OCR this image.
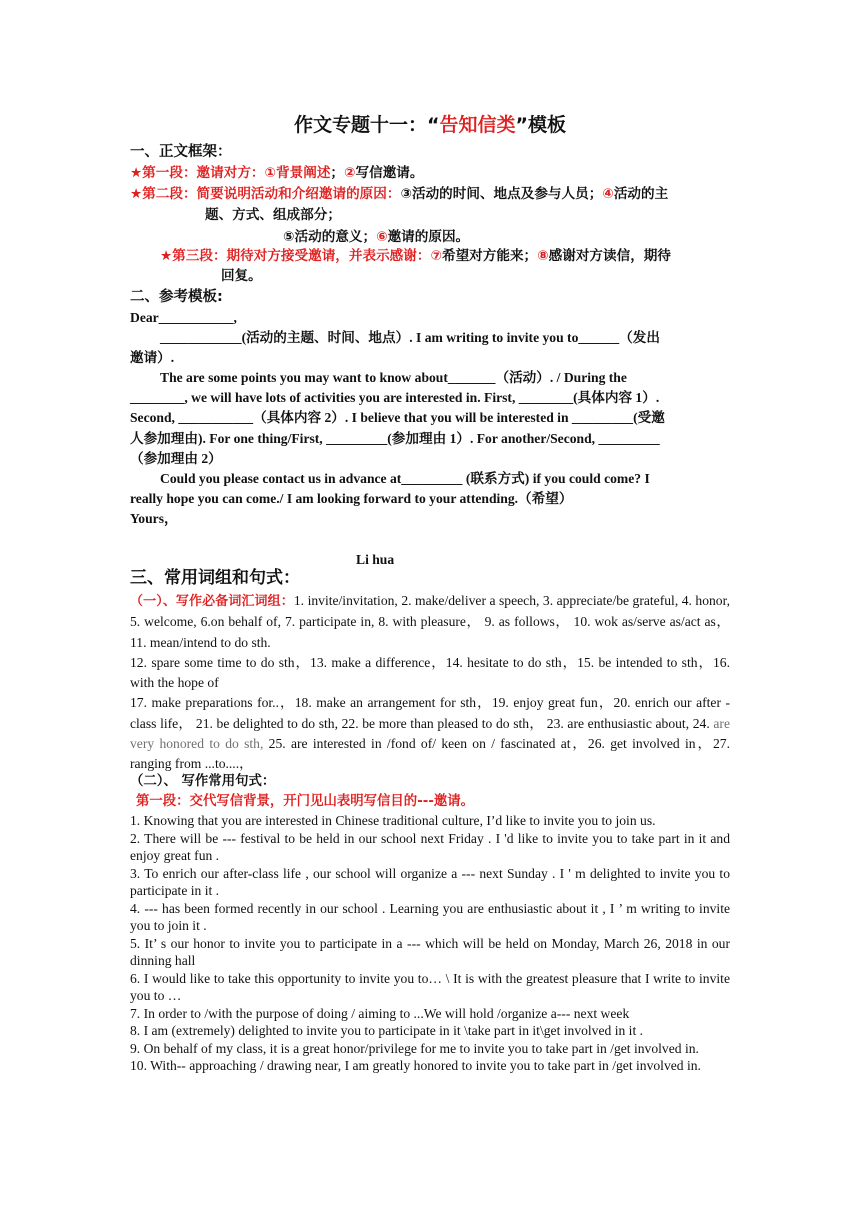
作文专题十一：“告知信类”模板
一、正文框架：
★第一段：邀请对方：①背景阐述；②写信邀请。
★第二段：简要说明活动和介绍邀请的原因：③活动的时间、地点及参与人员；④活动的主
题、方式、组成部分；
⑤活动的意义；⑥邀请的原因。
★第三段：期待对方接受邀请，并表示感谢：⑦希望对方能来；⑧感谢对方读信，期待
回复。
二、参考模板:
Dear___________,
____________(活动的主题、时间、地点）. I am writing to invite you to______（发出
邀请）.
The are some points you may want to know about_______（活动）. / During the
________, we will have lots of activities you are interested in. First, ________(具体内容 1）.
Second, ___________（具体内容 2）. I believe that you will be interested in _________(受邀
人参加理由). For one thing/First, _________(参加理由 1）. For another/Second, _________
（参加理由 2）
Could you please contact us in advance at_________ (联系方式) if you could come? I
really hope you can come./ I am looking forward to your attending.（希望）
Yours，
Li hua
三、常用词组和句式：

（一）、写作必备词汇词组：1. invite/invitation, 2. make/deliver a speech, 3. appreciate/be grateful, 4. honor, 5. welcome, 6.on behalf of, 7. participate in, 8. with pleasure， 9. as follows， 10. wok as/serve as/act as，11. mean/intend to do sth.

12. spare some time to do sth，13. make a difference，14. hesitate to do sth，15. be intended to sth，16. with the hope of

17. make preparations for..，18. make an arrangement for sth，19. enjoy great fun，20. enrich our after - class life， 21. be delighted to do sth, 22. be more than pleased to do sth， 23. are enthusiastic about, 24. are very honored to do sth, 25. are interested in /fond of/ keen on / fascinated at，26. get involved in，27. ranging from ...to....，

（二）、 写作常用句式：
第一段：交代写信背景，开门见山表明写信目的---邀请。

1. Knowing that you are interested in Chinese traditional culture, I’d like to invite you to join us.

2. There will be --- festival to be held in our school next Friday . I 'd like to invite you to take part in it and enjoy great fun .

3. To enrich our after-class life , our school will organize a --- next Sunday . I ' m delighted to invite you to participate in it .

4. --- has been formed recently in our school . Learning you are enthusiastic about it , I ’ m writing to invite you to join it .

5. It’ s our honor to invite you to participate in a --- which will be held on Monday, March 26, 2018 in our dinning hall

6. I would like to take this opportunity to invite you to… \ It is with the greatest pleasure that I write to invite you to …

7. In order to /with the purpose of doing / aiming to ...We will hold /organize a--- next week

8. I am (extremely) delighted to invite you to participate in it \take part in it\get involved in it .

9. On behalf of my class, it is a great honor/privilege for me to invite you to take part in /get involved in.

10. With-- approaching / drawing near, I am greatly honored to invite you to take part in /get involved in.
